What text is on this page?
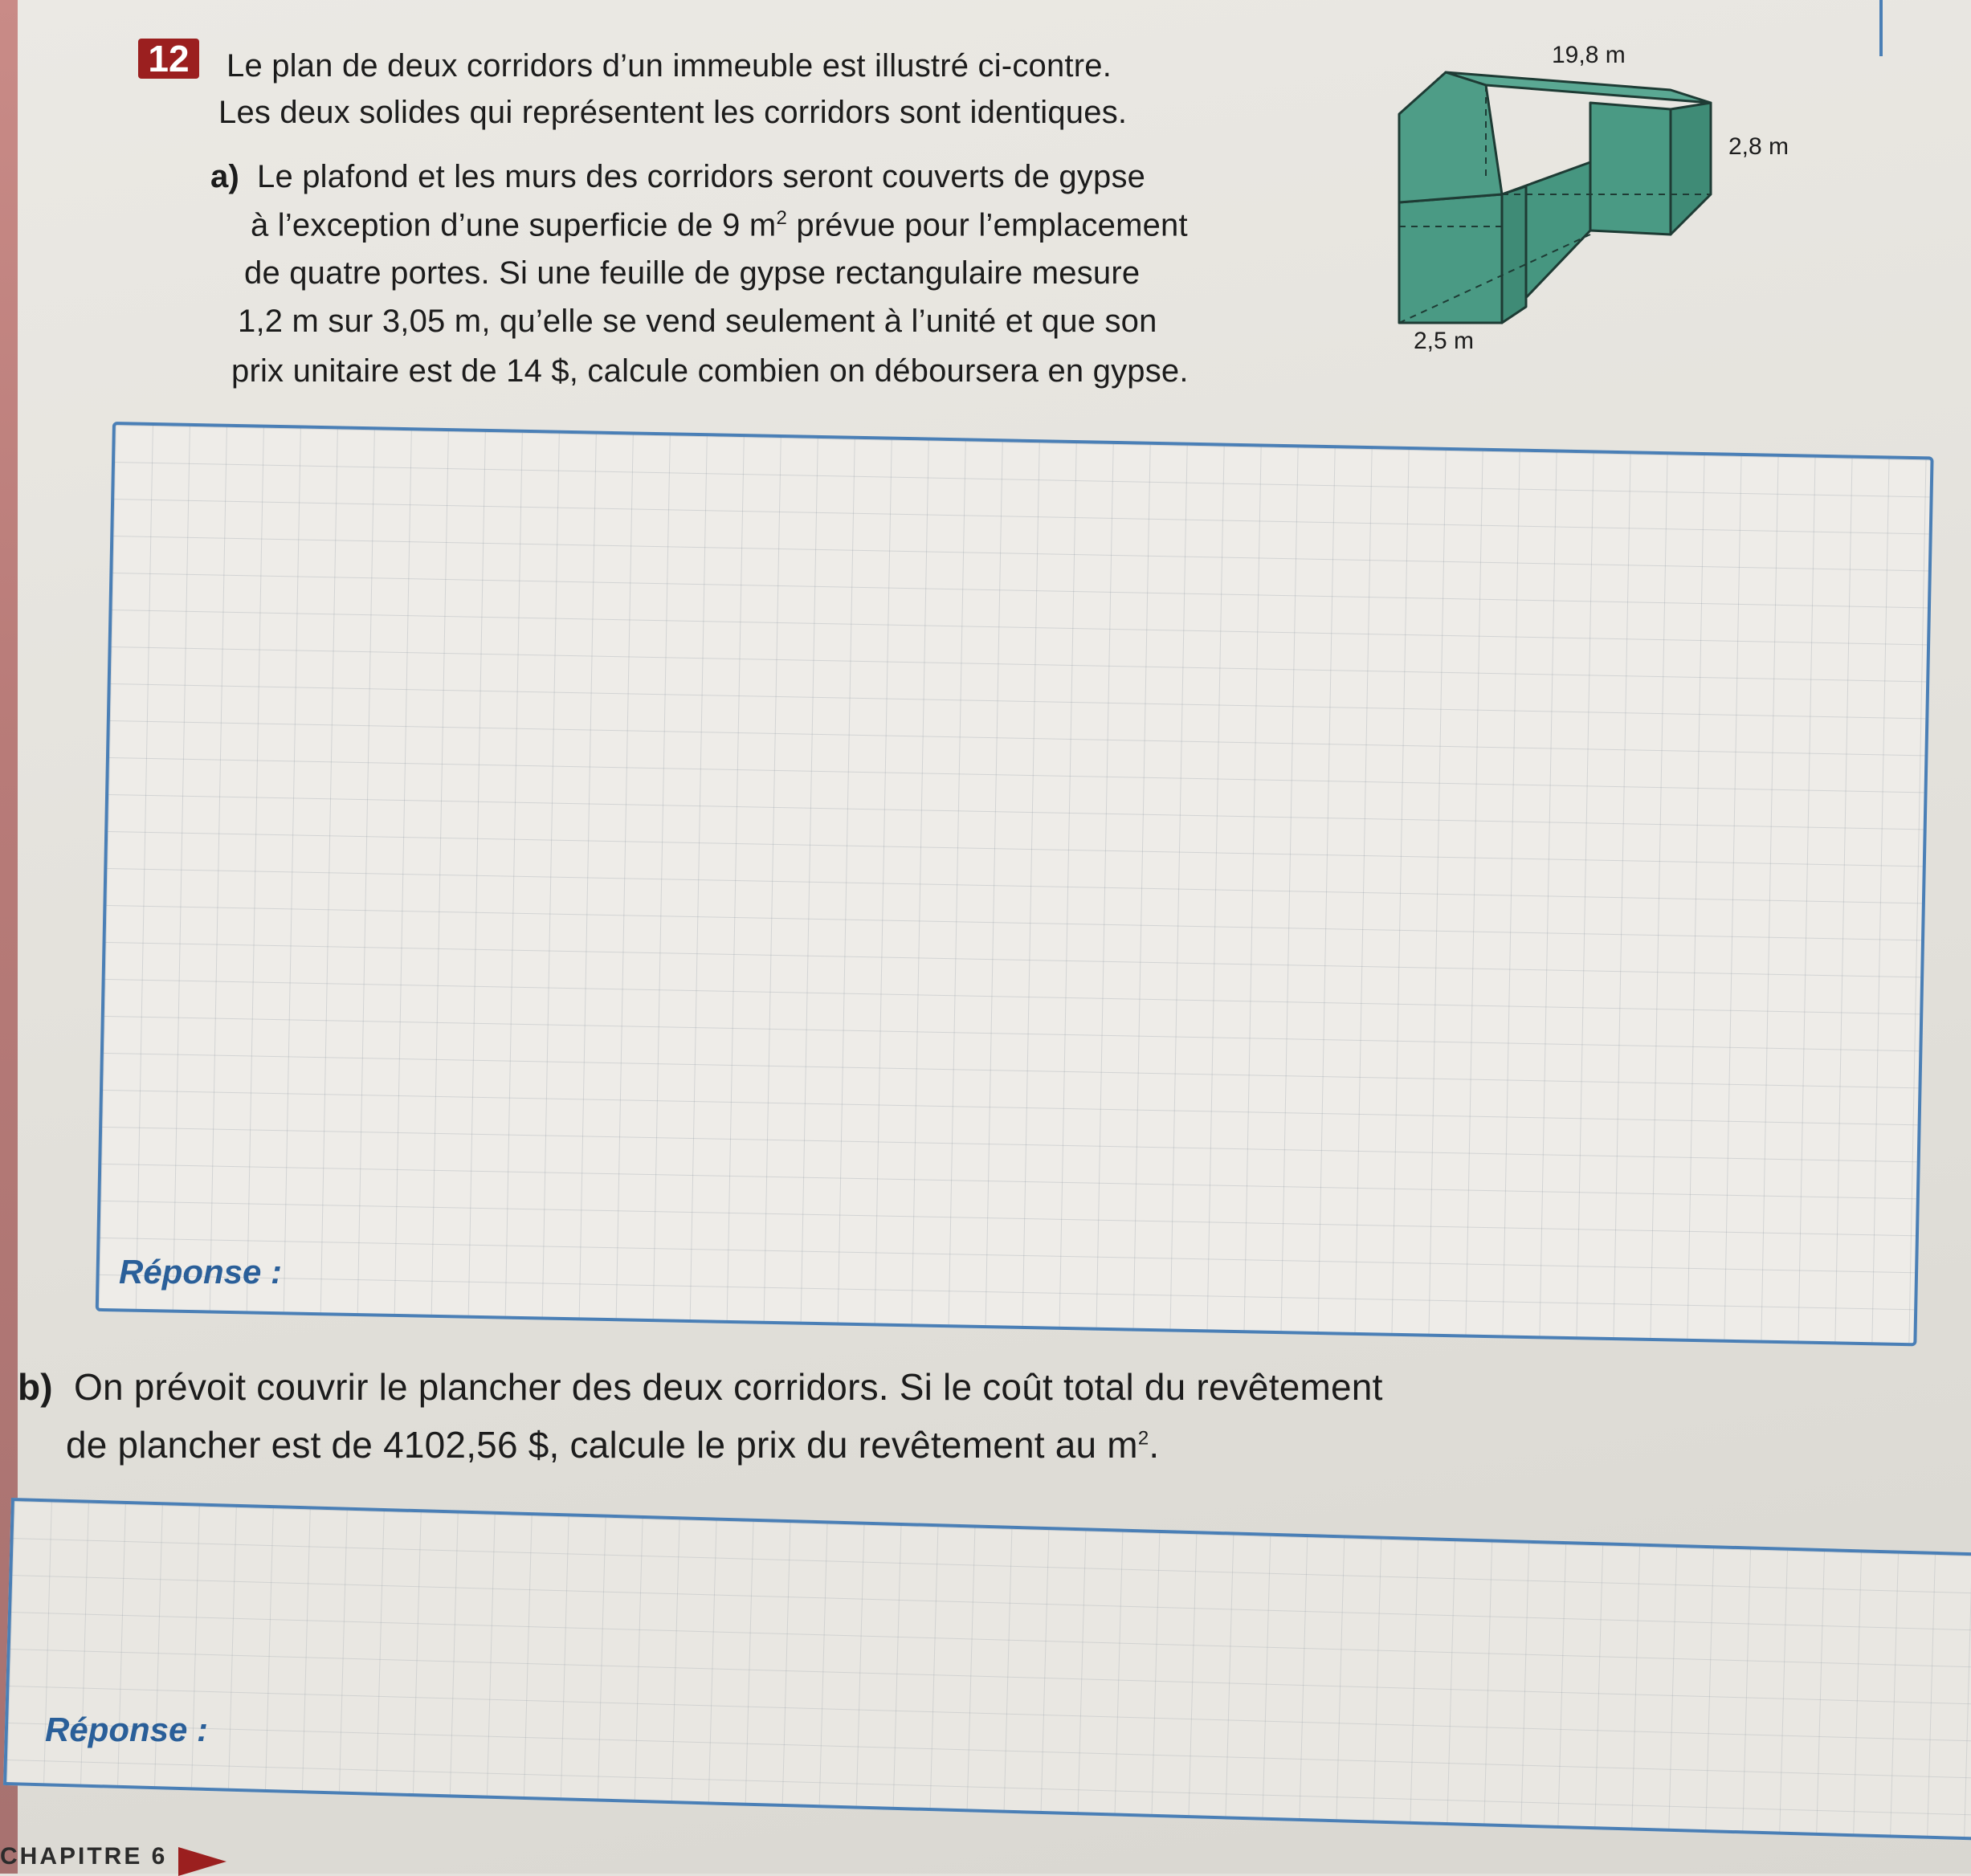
12	Le plan de deux corridors d’un immeuble est illustré ci-contre.
Les deux solides qui représentent les corridors sont identiques.
a) Le plafond et les murs des corridors seront couverts de gypse
à l’exception d’une superficie de 9 $m^2$ prévue pour l’emplacement
de quatre portes. Si une feuille de gypse rectangulaire mesure
1,2 m sur 3,05 m, qu’elle se vend seulement à l’unité et que son
prix unitaire est de 14 $, calcule combien on déboursera en gypse.
19,8 m
2,8 m
2,5 m
Réponse :
b) On prévoit couvrir le plancher des deux corridors. Si le coût total du revêtement
de plancher est de 4102,56 $, calcule le prix du revêtement au $m^2$.
Réponse :
CHAPITRE 6
